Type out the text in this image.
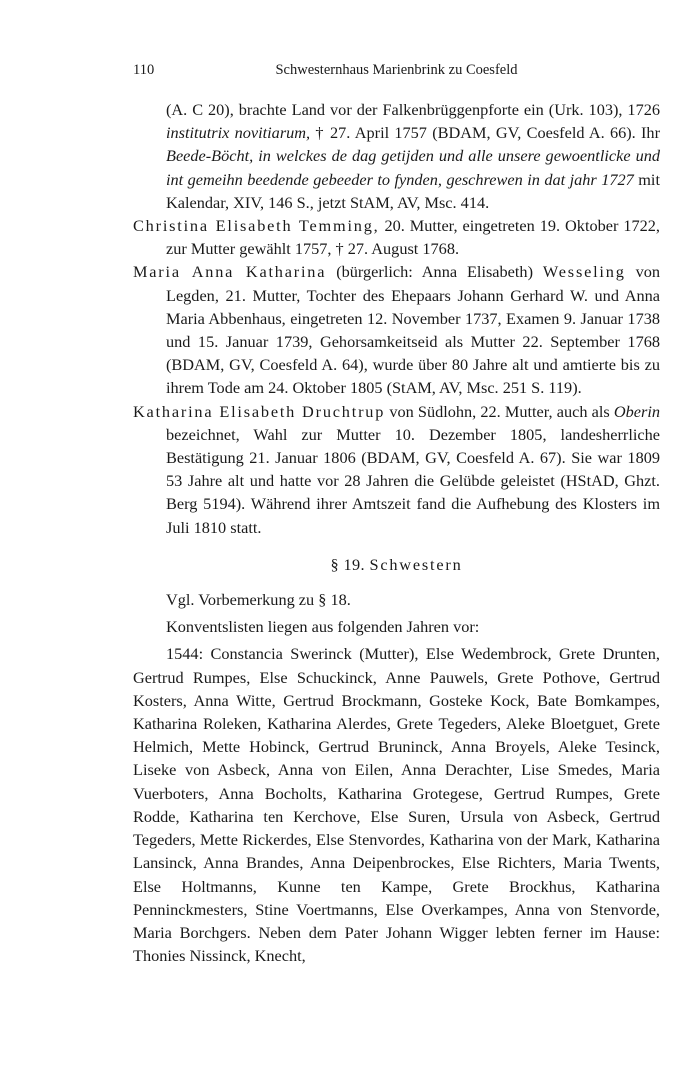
110	Schwesternhaus Marienbrink zu Coesfeld

(A. C 20), brachte Land vor der Falkenbrüggenpforte ein (Urk. 103), 1726 institutrix novitiarum, † 27. April 1757 (BDAM, GV, Coesfeld A. 66). Ihr Beede-Böcht, in welckes de dag getijden und alle unsere gewoentlicke und int gemeihn beedende gebeeder to fynden, geschrewen in dat jahr 1727 mit Kalendar, XIV, 146 S., jetzt StAM, AV, Msc. 414.

Christina Elisabeth Temming, 20. Mutter, eingetreten 19. Oktober 1722, zur Mutter gewählt 1757, † 27. August 1768.

Maria Anna Katharina (bürgerlich: Anna Elisabeth) Wesseling von Legden, 21. Mutter, Tochter des Ehepaars Johann Gerhard W. und Anna Maria Abbenhaus, eingetreten 12. November 1737, Examen 9. Januar 1738 und 15. Januar 1739, Gehorsamkeitseid als Mutter 22. September 1768 (BDAM, GV, Coesfeld A. 64), wurde über 80 Jahre alt und amtierte bis zu ihrem Tode am 24. Oktober 1805 (StAM, AV, Msc. 251 S. 119).

Katharina Elisabeth Druchtrup von Südlohn, 22. Mutter, auch als Oberin bezeichnet, Wahl zur Mutter 10. Dezember 1805, landesherrliche Bestätigung 21. Januar 1806 (BDAM, GV, Coesfeld A. 67). Sie war 1809 53 Jahre alt und hatte vor 28 Jahren die Gelübde geleistet (HStAD, Ghzt. Berg 5194). Während ihrer Amtszeit fand die Aufhebung des Klosters im Juli 1810 statt.

§ 19. Schwestern

Vgl. Vorbemerkung zu § 18.

Konventslisten liegen aus folgenden Jahren vor:

1544: Constancia Swerinck (Mutter), Else Wedembrock, Grete Drunten, Gertrud Rumpes, Else Schuckinck, Anne Pauwels, Grete Pothove, Gertrud Kosters, Anna Witte, Gertrud Brockmann, Gosteke Kock, Bate Bomkampes, Katharina Roleken, Katharina Alerdes, Grete Tegeders, Aleke Bloetguet, Grete Helmich, Mette Hobinck, Gertrud Bruninck, Anna Broyels, Aleke Tesinck, Liseke von Asbeck, Anna von Eilen, Anna Derachter, Lise Smedes, Maria Vuerboters, Anna Bocholts, Katharina Grotegese, Gertrud Rumpes, Grete Rodde, Katharina ten Kerchove, Else Suren, Ursula von Asbeck, Gertrud Tegeders, Mette Rickerdes, Else Stenvordes, Katharina von der Mark, Katharina Lansinck, Anna Brandes, Anna Deipenbrockes, Else Richters, Maria Twents, Else Holtmanns, Kunne ten Kampe, Grete Brockhus, Katharina Penninckmesters, Stine Voertmanns, Else Overkampes, Anna von Stenvorde, Maria Borchgers. Neben dem Pater Johann Wigger lebten ferner im Hause: Thonies Nissinck, Knecht,
